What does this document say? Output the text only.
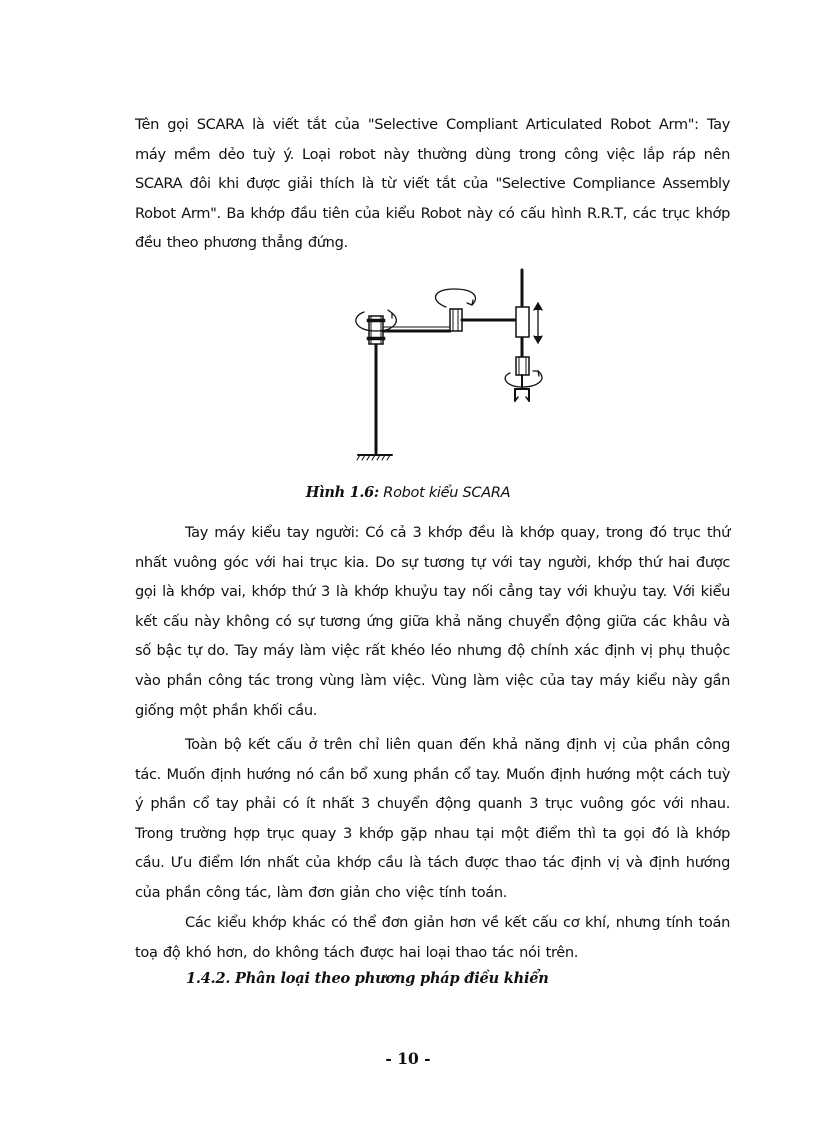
Tên gọi SCARA là viết tắt của "Selective Compliant Articulated Robot Arm": Tay máy mềm dẻo tuỳ ý. Loại robot này thường dùng trong công việc lắp ráp nên SCARA đôi khi được giải thích là từ viết tắt của "Selective Compliance Assembly Robot Arm". Ba khớp đầu tiên của kiểu Robot này có cấu hình R.R.T, các trục khớp đều theo phương thẳng đứng.

Hình 1.6: Robot kiểu SCARA

Tay máy kiểu tay người: Có cả 3 khớp đều là khớp quay, trong đó trục thứ nhất vuông góc với hai trục kia. Do sự tương tự với tay người, khớp thứ hai được gọi là khớp vai, khớp thứ 3 là khớp khuỷu tay nối cẳng tay với khuỷu tay. Với kiểu kết cấu này không có sự tương ứng giữa khả năng chuyển động giữa các khâu và số bậc tự do. Tay máy làm việc rất khéo léo nhưng độ chính xác định vị phụ thuộc vào phần công tác trong vùng làm việc. Vùng làm việc của tay máy kiểu này gần giống một phần khối cầu.

Toàn bộ kết cấu ở trên chỉ liên quan đến khả năng định vị của phần công tác. Muốn định hướng nó cần bổ xung phần cổ tay. Muốn định hướng một cách tuỳ ý phần cổ tay phải có ít nhất 3 chuyển động quanh 3 trục vuông góc với nhau. Trong trường hợp trục quay 3 khớp gặp nhau tại một điểm thì ta gọi đó là khớp cầu. Ưu điểm lớn nhất của khớp cầu là tách được thao tác định vị và định hướng của phần công tác, làm đơn giản cho việc tính toán.

Các kiểu khớp khác có thể đơn giản hơn về kết cấu cơ khí, nhưng tính toán toạ độ khó hơn, do không tách được hai loại thao tác nói trên.

1.4.2. Phân loại theo phương pháp điều khiển
- 10 -
